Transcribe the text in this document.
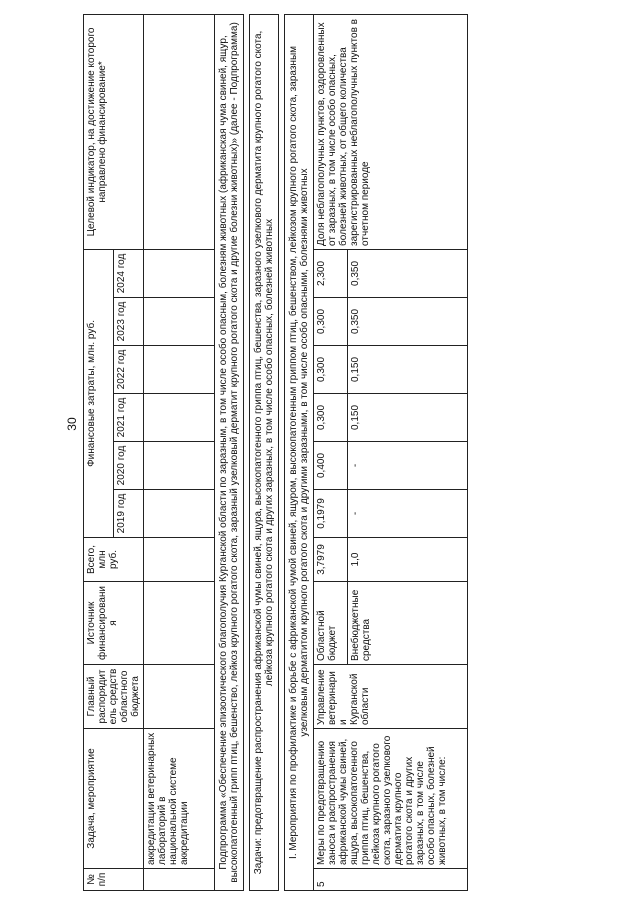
30
№ п/п	Задача, мероприятие	Главный распорядитель средств областного бюджета	Источник финансирования	Всего, млн руб.	Финансовые затраты, млн. руб.						Целевой индикатор, на достижение которого направлено финансирование*
					2019 год	2020 год	2021 год	2022 год	2023 год	2024 год	
	аккредитации ветеринарных лабораторий в национальной системе аккредитации										
Подпрограмма «Обеспечение эпизоотического благополучия Курганской области по заразным, в том числе особо опасным, болезням животных (африканская чума свиней, ящур, высокопатогенный грипп птиц, бешенство, лейкоз крупного рогатого скота, заразный узелковый дерматит крупного рогатого скота и другие болезни животных)» (далее - Подпрограмма)											

Задачи: предотвращение распространения африканской чумы свиней, ящура, высокопатогенного гриппа птиц, бешенства, заразного узелкового дерматита крупного рогатого скота, лейкоза крупного рогатого скота и других заразных, в том числе особо опасных, болезней животных											

I. Мероприятия по профилактике и борьбе с африканской чумой свиней, ящуром, высокопатогенным гриппом птиц, бешенством, лейкозом крупного рогатого скота, заразным узелковым дерматитом крупного рогатого скота и другими заразными, в том числе особо опасными, болезнями животных											
5	Меры по предотвращению заноса и распространения африканской чумы свиней, ящура, высокопатогенного гриппа птиц, бешенства, лейкоза крупного рогатого скота, заразного узелкового дерматита крупного рогатого скота и других заразных, в том числе особо опасных, болезней животных, в том числе:	Управление ветеринарии Курганской области	Областной бюджет	3,7979	0,1979	0,400	0,300	0,300	0,300	2,300	Доля неблагополучных пунктов, оздоровленных от заразных, в том числе особо опасных, болезней животных, от общего количества зарегистрированных неблагополучных пунктов в отчетном периоде
			Внебюджетные средства	1,0	-	-	0,150	0,150	0,350	0,350	
